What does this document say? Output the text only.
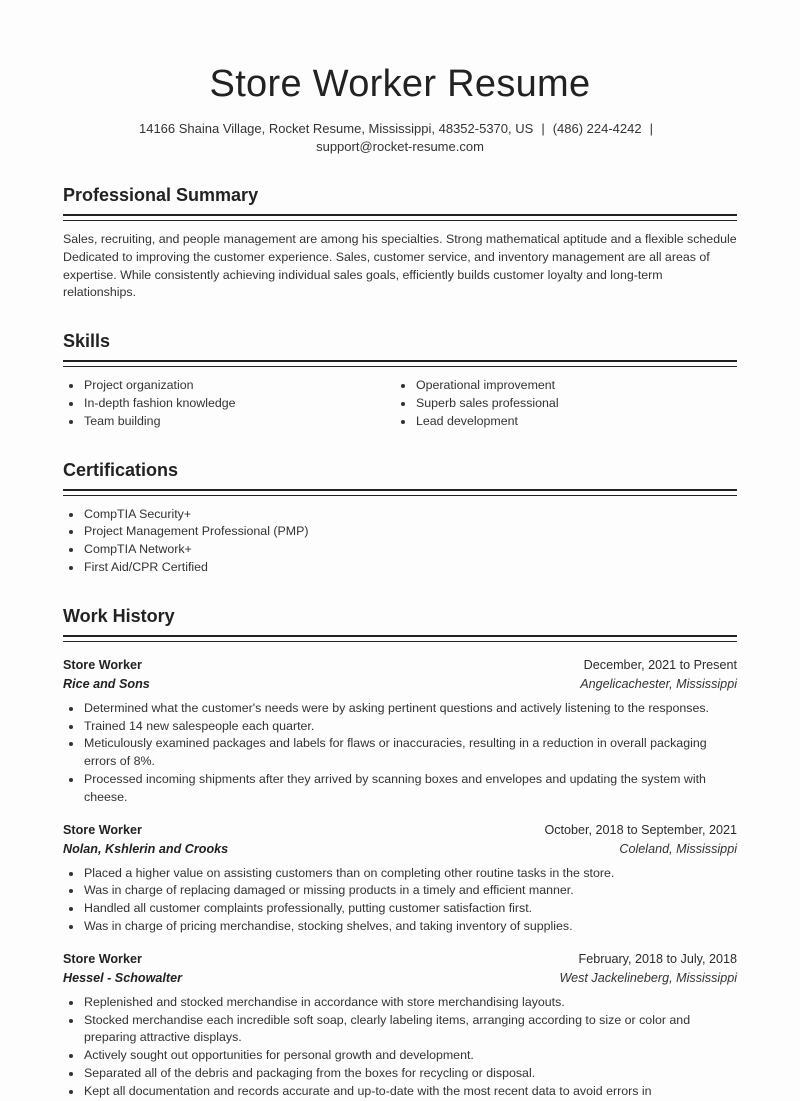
Store Worker Resume
14166 Shaina Village, Rocket Resume, Mississippi, 48352-5370, US | (486) 224-4242 |
support@rocket-resume.com
Professional Summary

Sales, recruiting, and people management are among his specialties. Strong mathematical aptitude and a flexible schedule Dedicated to improving the customer experience. Sales, customer service, and inventory management are all areas of expertise. While consistently achieving individual sales goals, efficiently builds customer loyalty and long-term relationships.

Skills
Project organization
In-depth fashion knowledge
Team building
Operational improvement
Superb sales professional
Lead development
Certifications
CompTIA Security+
Project Management Professional (PMP)
CompTIA Network+
First Aid/CPR Certified
Work History
Store Worker	December, 2021 to Present
Rice and Sons	Angelicachester, Mississippi
Determined what the customer's needs were by asking pertinent questions and actively listening to the responses.
Trained 14 new salespeople each quarter.
Meticulously examined packages and labels for flaws or inaccuracies, resulting in a reduction in overall packaging errors of 8%.
Processed incoming shipments after they arrived by scanning boxes and envelopes and updating the system with cheese.
Store Worker	October, 2018 to September, 2021
Nolan, Kshlerin and Crooks	Coleland, Mississippi
Placed a higher value on assisting customers than on completing other routine tasks in the store.
Was in charge of replacing damaged or missing products in a timely and efficient manner.
Handled all customer complaints professionally, putting customer satisfaction first.
Was in charge of pricing merchandise, stocking shelves, and taking inventory of supplies.
Store Worker	February, 2018 to July, 2018
Hessel - Schowalter	West Jackelineberg, Mississippi
Replenished and stocked merchandise in accordance with store merchandising layouts.
Stocked merchandise each incredible soft soap, clearly labeling items, arranging according to size or color and preparing attractive displays.
Actively sought out opportunities for personal growth and development.
Separated all of the debris and packaging from the boxes for recycling or disposal.
Kept all documentation and records accurate and up-to-date with the most recent data to avoid errors in
